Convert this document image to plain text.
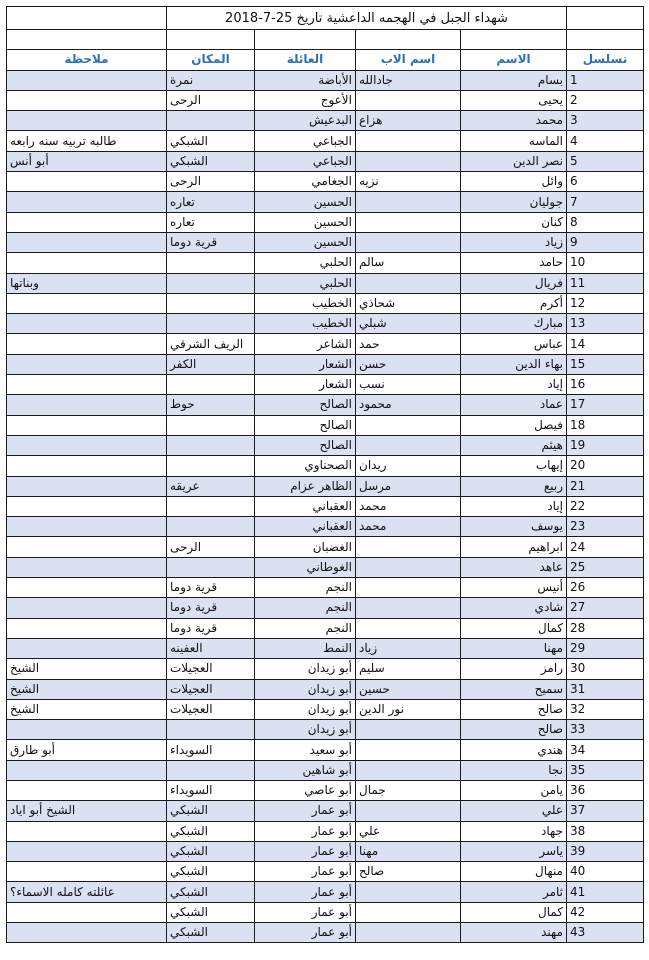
	شهداء الجبل في الهجمه الداعشية تاريخ 25-7-2018				

تسلسل	الاسم	اسم الاب	العائلة	المكان	ملاحظة
1	بسام	جادالله	الأباضة	نمرة	
2	يحيى		الأعوج	الرحى	
3	محمد	هزاع	البدعيش		
4	الماسه		الجباعي	الشبكي	طالبه تربيه سنه رابعه
5	نصر الدين		الجباعي	الشبكي	أبو أنس
6	وائل	نزيه	الجغامي	الرحى	
7	جوليان		الحسين	تعاره	
8	كنان		الحسين	تعاره	
9	زياد		الحسين	قرية دوما	
10	حامد	سالم	الحلبي		
11	فريال		الحلبي		وبناتها
12	أكرم	شحاذي	الخطيب		
13	مبارك	شبلي	الخطيب		
14	عباس	حمد	الشاعر	الريف الشرقي	
15	بهاء الدين	حسن	الشعار	الكفر	
16	إياد	نسب	الشعار		
17	عماد	محمود	الصالح	حوط	
18	فيصل		الصالح		
19	هيثم		الصالح		
20	إيهاب	ريدان	الصحناوي		
21	ربيع	مرسل	الظاهر عزام	عريقه	
22	إياد	محمد	العقباني		
23	يوسف	محمد	العقباني		
24	ابراهيم		الغضبان	الرحى	
25	عاهد		الغوطاني		
26	أنيس		النجم	قرية دوما	
27	شادي		النجم	قرية دوما	
28	كمال		النجم	قرية دوما	
29	مهنا	زياد	النمط	العفينه	
30	رامز	سليم	أبو زيدان	العجيلات	الشيخ
31	سميح	حسين	أبو زيدان	العجيلات	الشيخ
32	صالح	نور الدين	أبو زيدان	العجيلات	الشيخ
33	صالح		أبو زيدان		
34	هندي		أبو سعيد	السويداء	أبو طارق
35	نجا		أبو شاهين		
36	يامن	جمال	أبو عاصي	السويداء	
37	علي		أبو عمار	الشبكي	الشيخ أبو اياد
38	جهاد	علي	أبو عمار	الشبكي	
39	ياسر	مهنا	أبو عمار	الشبكي	
40	منهال	صالح	أبو عمار	الشبكي	
41	ثامر		أبو عمار	الشبكي	عائلته كامله الاسماء؟
42	كمال		أبو عمار	الشبكي	
43	مهند		أبو عمار	الشبكي	
